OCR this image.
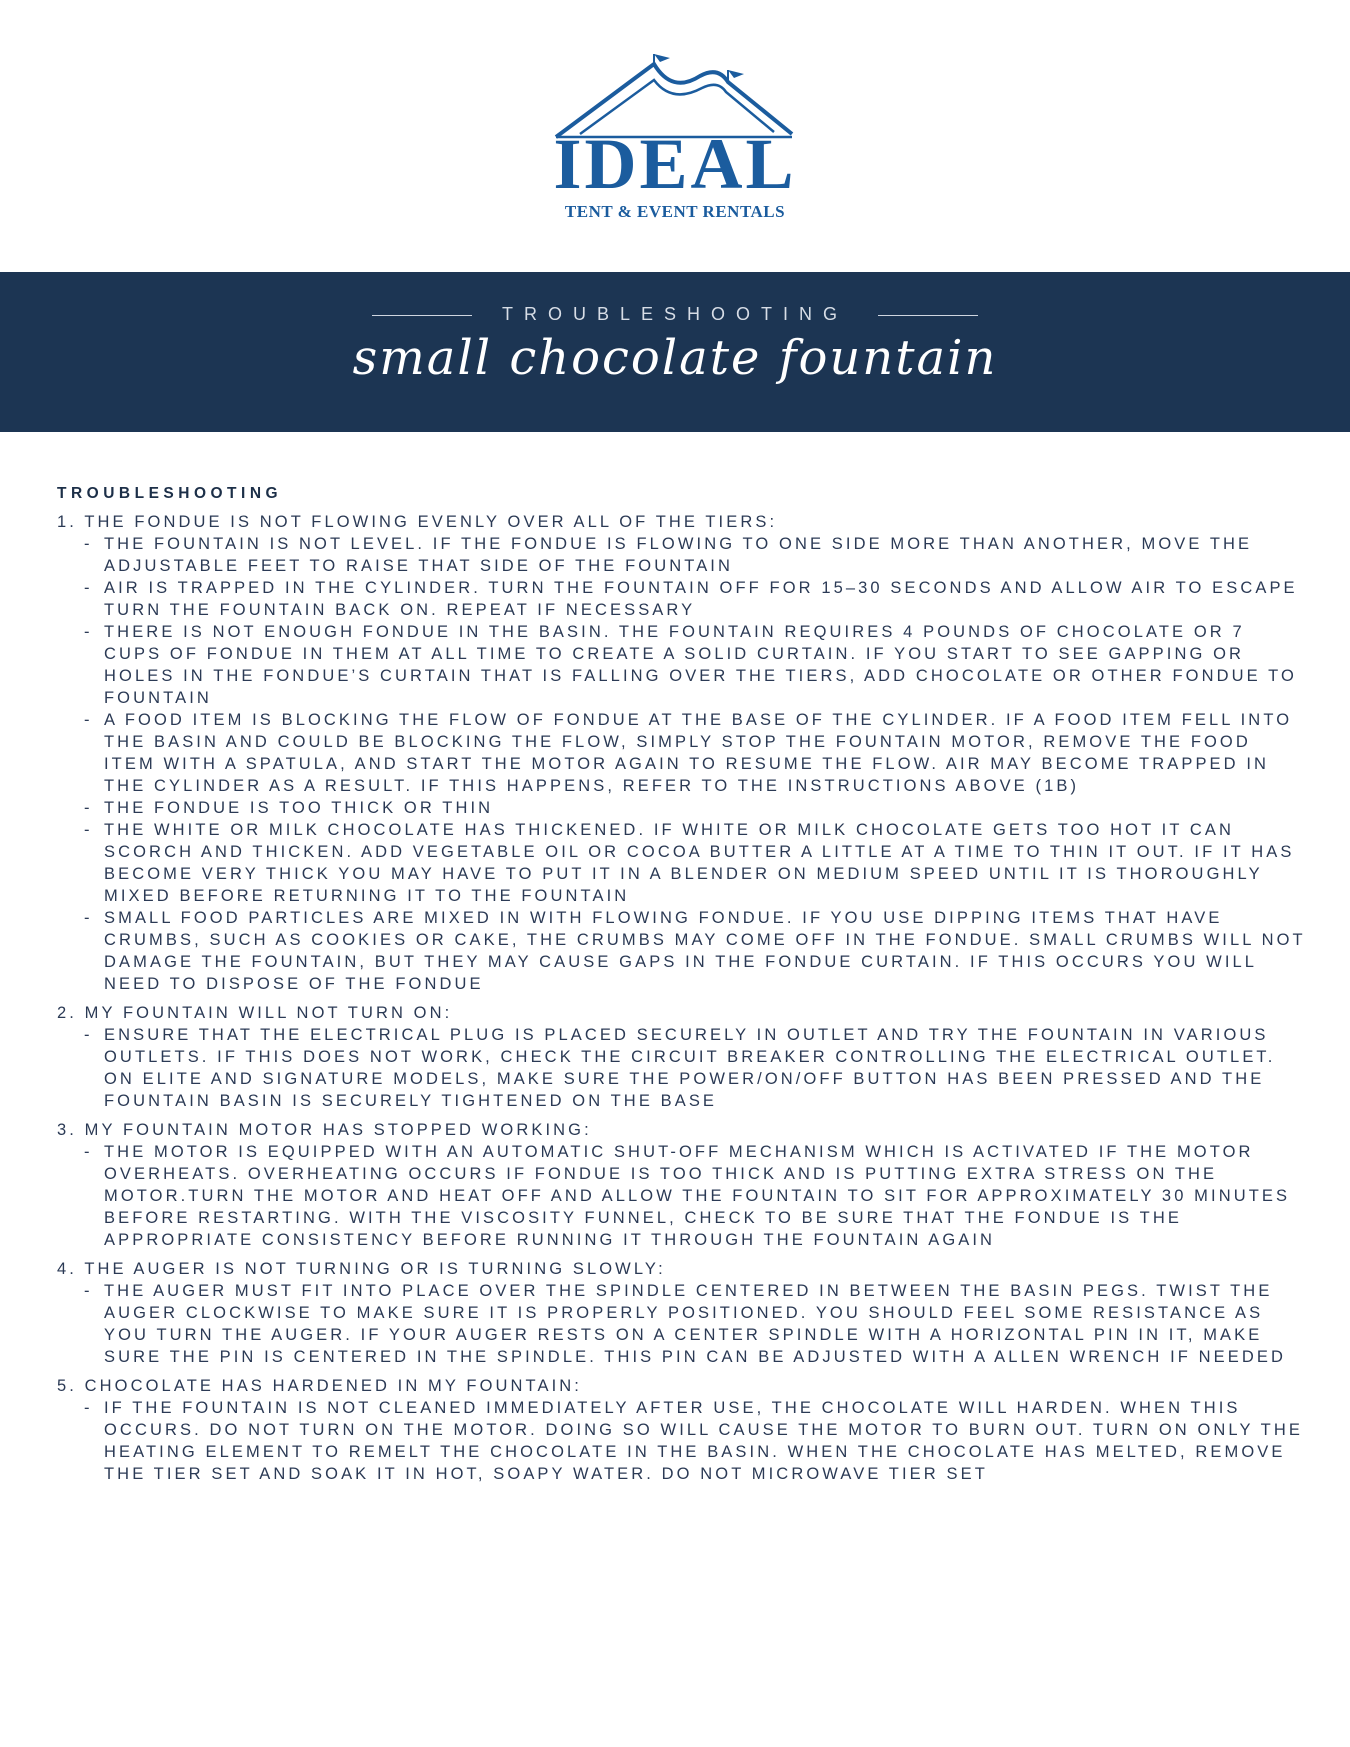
IDEAL
TENT & EVENT RENTALS
TROUBLESHOOTING
small chocolate fountain
TROUBLESHOOTING
1. THE FONDUE IS NOT FLOWING EVENLY OVER ALL OF THE TIERS:
- THE FOUNTAIN IS NOT LEVEL. IF THE FONDUE IS FLOWING TO ONE SIDE MORE THAN ANOTHER, MOVE THE ADJUSTABLE FEET TO RAISE THAT SIDE OF THE FOUNTAIN
- AIR IS TRAPPED IN THE CYLINDER. TURN THE FOUNTAIN OFF FOR 15–30 SECONDS AND ALLOW AIR TO ESCAPE TURN THE FOUNTAIN BACK ON. REPEAT IF NECESSARY
- THERE IS NOT ENOUGH FONDUE IN THE BASIN. THE FOUNTAIN REQUIRES 4 POUNDS OF CHOCOLATE OR 7 CUPS OF FONDUE IN THEM AT ALL TIME TO CREATE A SOLID CURTAIN. IF YOU START TO SEE GAPPING OR HOLES IN THE FONDUE’S CURTAIN THAT IS FALLING OVER THE TIERS, ADD CHOCOLATE OR OTHER FONDUE TO FOUNTAIN
- A FOOD ITEM IS BLOCKING THE FLOW OF FONDUE AT THE BASE OF THE CYLINDER. IF A FOOD ITEM FELL INTO THE BASIN AND COULD BE BLOCKING THE FLOW, SIMPLY STOP THE FOUNTAIN MOTOR, REMOVE THE FOOD ITEM WITH A SPATULA, AND START THE MOTOR AGAIN TO RESUME THE FLOW. AIR MAY BECOME TRAPPED IN THE CYLINDER AS A RESULT. IF THIS HAPPENS, REFER TO THE INSTRUCTIONS ABOVE (1B)
- THE FONDUE IS TOO THICK OR THIN
- THE WHITE OR MILK CHOCOLATE HAS THICKENED. IF WHITE OR MILK CHOCOLATE GETS TOO HOT IT CAN SCORCH AND THICKEN. ADD VEGETABLE OIL OR COCOA BUTTER A LITTLE AT A TIME TO THIN IT OUT. IF IT HAS BECOME VERY THICK YOU MAY HAVE TO PUT IT IN A BLENDER ON MEDIUM SPEED UNTIL IT IS THOROUGHLY MIXED BEFORE RETURNING IT TO THE FOUNTAIN
- SMALL FOOD PARTICLES ARE MIXED IN WITH FLOWING FONDUE. IF YOU USE DIPPING ITEMS THAT HAVE CRUMBS, SUCH AS COOKIES OR CAKE, THE CRUMBS MAY COME OFF IN THE FONDUE. SMALL CRUMBS WILL NOT DAMAGE THE FOUNTAIN, BUT THEY MAY CAUSE GAPS IN THE FONDUE CURTAIN. IF THIS OCCURS YOU WILL NEED TO DISPOSE OF THE FONDUE
2. MY FOUNTAIN WILL NOT TURN ON:
- ENSURE THAT THE ELECTRICAL PLUG IS PLACED SECURELY IN OUTLET AND TRY THE FOUNTAIN IN VARIOUS OUTLETS. IF THIS DOES NOT WORK, CHECK THE CIRCUIT BREAKER CONTROLLING THE ELECTRICAL OUTLET. ON ELITE AND SIGNATURE MODELS, MAKE SURE THE POWER/ON/OFF BUTTON HAS BEEN PRESSED AND THE FOUNTAIN BASIN IS SECURELY TIGHTENED ON THE BASE
3. MY FOUNTAIN MOTOR HAS STOPPED WORKING:
- THE MOTOR IS EQUIPPED WITH AN AUTOMATIC SHUT-OFF MECHANISM WHICH IS ACTIVATED IF THE MOTOR OVERHEATS. OVERHEATING OCCURS IF FONDUE IS TOO THICK AND IS PUTTING EXTRA STRESS ON THE MOTOR.TURN THE MOTOR AND HEAT OFF AND ALLOW THE FOUNTAIN TO SIT FOR APPROXIMATELY 30 MINUTES BEFORE RESTARTING. WITH THE VISCOSITY FUNNEL, CHECK TO BE SURE THAT THE FONDUE IS THE APPROPRIATE CONSISTENCY BEFORE RUNNING IT THROUGH THE FOUNTAIN AGAIN
4. THE AUGER IS NOT TURNING OR IS TURNING SLOWLY:
- THE AUGER MUST FIT INTO PLACE OVER THE SPINDLE CENTERED IN BETWEEN THE BASIN PEGS. TWIST THE AUGER CLOCKWISE TO MAKE SURE IT IS PROPERLY POSITIONED. YOU SHOULD FEEL SOME RESISTANCE AS YOU TURN THE AUGER. IF YOUR AUGER RESTS ON A CENTER SPINDLE WITH A HORIZONTAL PIN IN IT, MAKE SURE THE PIN IS CENTERED IN THE SPINDLE. THIS PIN CAN BE ADJUSTED WITH A ALLEN WRENCH IF NEEDED
5. CHOCOLATE HAS HARDENED IN MY FOUNTAIN:
- IF THE FOUNTAIN IS NOT CLEANED IMMEDIATELY AFTER USE, THE CHOCOLATE WILL HARDEN. WHEN THIS OCCURS. DO NOT TURN ON THE MOTOR. DOING SO WILL CAUSE THE MOTOR TO BURN OUT. TURN ON ONLY THE HEATING ELEMENT TO REMELT THE CHOCOLATE IN THE BASIN. WHEN THE CHOCOLATE HAS MELTED, REMOVE THE TIER SET AND SOAK IT IN HOT, SOAPY WATER. DO NOT MICROWAVE TIER SET
